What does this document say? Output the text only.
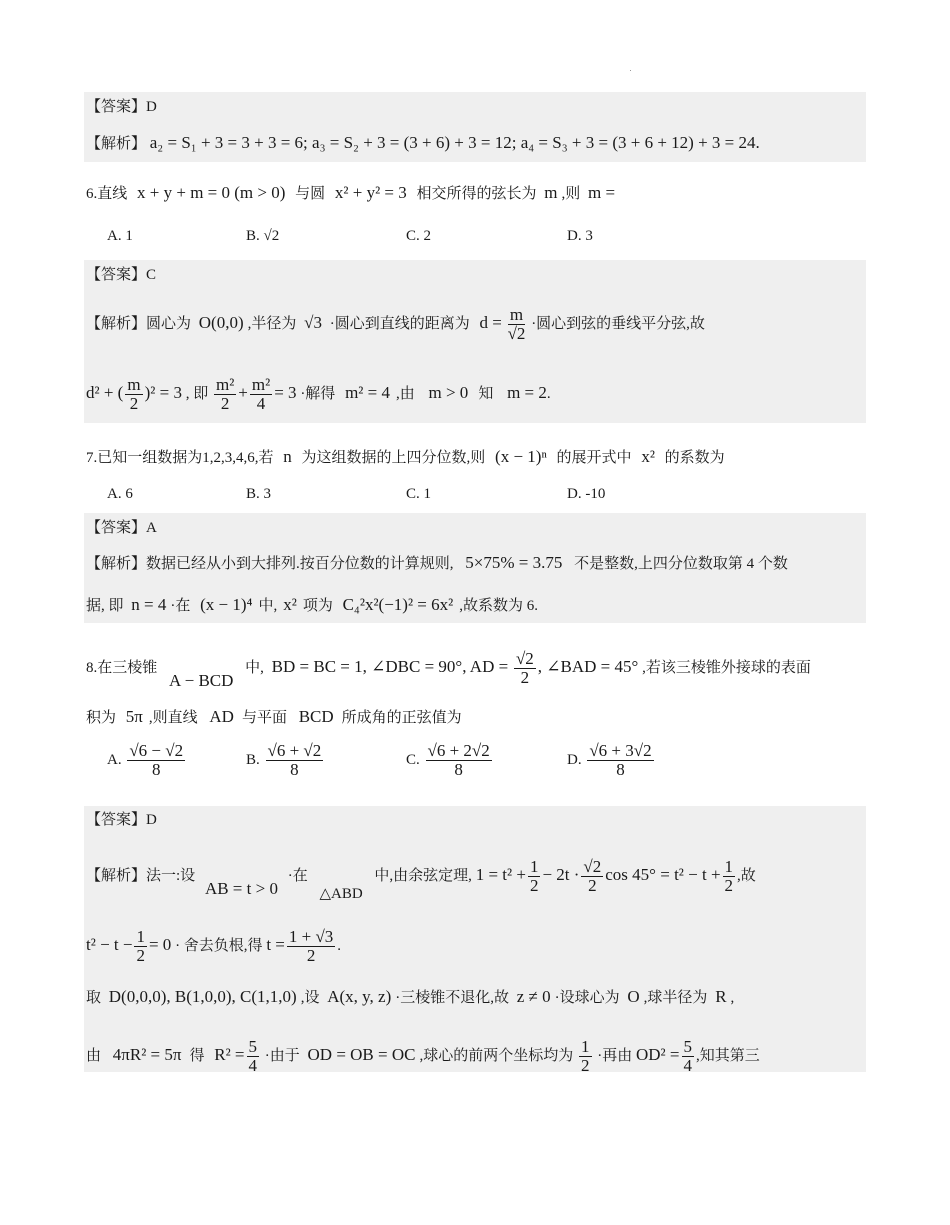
【答案】D
【解析】 a₂ = S₁ + 3 = 3 + 3 = 6; a₃ = S₂ + 3 = (3 + 6) + 3 = 12; a₄ = S₃ + 3 = (3 + 6 + 12) + 3 = 24.
6.直线 x + y + m = 0 (m > 0) 与圆 x² + y² = 3 相交所得的弦长为 m ,则 m =
A. 1	B. √2	C. 2	D. 3
【答案】C
【解析】圆心为 O(0,0) ,半径为 √3 ·圆心到直线的距离为 $d = \frac{m}{√2}$ ·圆心到弦的垂线平分弦,故
d² + ( $\frac{m}{2} )^2 = 3$ , 即 $\frac{\text{m²}}{2} + \frac{\text{m²}}{4} = 3$ ·解得 m² = 4 ,由 m > 0 知 m = 2.
7.已知一组数据为1,2,3,4,6,若 n 为这组数据的上四分位数,则 (x − 1)ⁿ 的展开式中 x² 的系数为
A. 6	B. 3	C. 1	D. -10
【答案】A
【解析】数据已经从小到大排列.按百分位数的计算规则, 5×75% = 3.75 不是整数,上四分位数取第 4 个数
据, 即 n = 4 ·在 (x − 1)⁴ 中, x² 项为 C₄²x²(−1)² = 6x² ,故系数为 6.
8.在三棱锥 A − BCD 中, BD = BC = 1, ∠DBC = 90°, AD = $\frac{√2}{2}$ , ∠BAD = 45° ,若该三棱锥外接球的表面
积为 5π ,则直线 AD 与平面 BCD 所成角的正弦值为
A. $\frac{√6 - √2}{8}$	B. $\frac{√6 + √2}{8}$	C. $\frac{√6 + 2√2}{8}$	D. $\frac{√6 + 3√2}{8}$
【答案】D
【解析】法一:设 AB = t > 0 ·在 △ABD 中,由余弦定理, $1 = t^2 + \frac{1}{2} - 2t \cdot \frac{√2}{2}$ $\cos 45^\circ = t^2 - t + \frac{1}{2}$ ,故
$t^2 - t - \frac{1}{2} = 0$ · 舍去负根,得 $t = \frac{1 + √3}{2}$ .
取 D(0,0,0), B(1,0,0), C(1,1,0) ,设 A(x, y, z) ·三棱锥不退化,故 z ≠ 0 ·设球心为 O ,球半径为 R ,
由 4πR² = 5π 得 $R^2 = \frac{5}{4}$ ·由于 OD = OB = OC ,球心的前两个坐标均为 $\frac{1}{2}$ ·再由 $OD^2 = \frac{5}{4}$ ,知其第三
